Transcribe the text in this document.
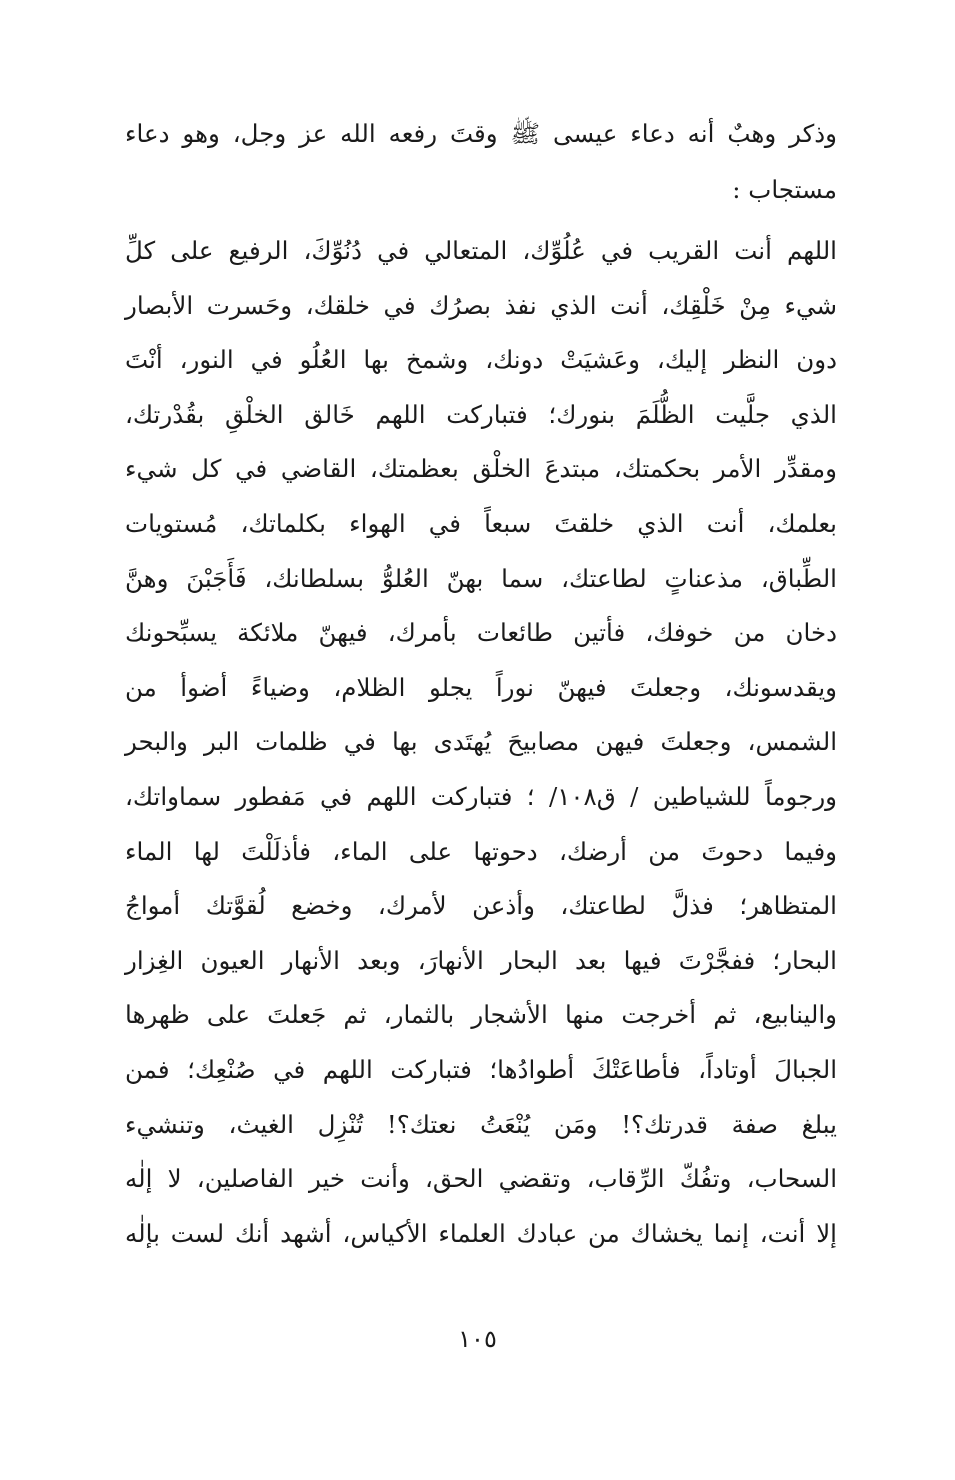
وذكر وهبٌ أنه دعاء عيسى ﷺ وقتَ رفعه الله عز وجل، وهو دعاء
مستجاب :
اللهم أنت القريب في عُلُوِّك، المتعالي في دُنُوِّكَ، الرفيع على كلِّ
شيء مِنْ خَلْقِك، أنت الذي نفذ بصرُك في خلقك، وحَسرت الأبصار
دون النظر إليك، وعَشيَتْ دونك، وشمخ بها العُلُو في النور، أنْتَ
الذي جلَّيت الظُّلَمَ بنورك؛ فتباركت اللهم خَالق الخلْقِ بقُدْرتك،
ومقدِّر الأمر بحكمتك، مبتدعَ الخلْق بعظمتك، القاضي في كل شيء
بعلمك، أنت الذي خلقتَ سبعاً في الهواء بكلماتك، مُستويات
الطِّباق، مذعناتٍ لطاعتك، سما بهنّ العُلوُّ بسلطانك، فَأَجَبْنَ وهنَّ
دخان من خوفك، فأتين طائعات بأمرك، فيهنّ ملائكة يسبِّحونك
ويقدسونك، وجعلتَ فيهنّ نوراً يجلو الظلام، وضياءً أضوأ من
الشمس، وجعلتَ فيهن مصابيحَ يُهتَدى بها في ظلمات البر والبحر
ورجوماً للشياطين / ق١٠٨/ ؛ فتباركت اللهم في مَفطور سماواتك،
وفيما دحوتَ من أرضك، دحوتها على الماء، فأذلَلْتَ لها الماء
المتظاهر؛ فذلَّ لطاعتك، وأذعن لأمرك، وخضع لُقوَّتك أمواجُ
البحار؛ ففجَّرْتَ فيها بعد البحار الأنهارَ، وبعد الأنهار العيون الغِزار
والينابيع، ثم أخرجت منها الأشجار بالثمار، ثم جَعلتَ على ظهرها
الجبالَ أوتاداً، فأطاعَتْكَ أطوادُها؛ فتباركت اللهم في صُنْعِك؛ فمن
يبلغ صفة قدرتك؟! ومَن يُنْعَتُ نعتك؟! تُنْزِل الغيث، وتنشيء
السحاب، وتفُكّ الرِّقاب، وتقضي الحق، وأنت خير الفاصلين، لا إلٰه
إلا أنت، إنما يخشاك من عبادك العلماء الأكياس، أشهد أنك لست بإلٰه
١٠٥
